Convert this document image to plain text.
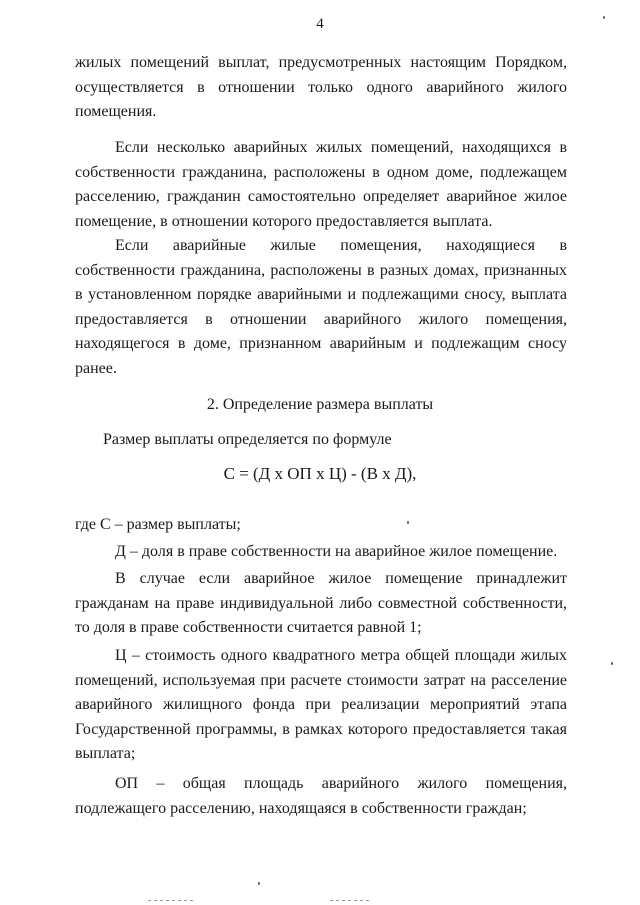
4
жилых помещений выплат, предусмотренных настоящим Порядком, осуществляется в отношении только одного аварийного жилого помещения.
Если несколько аварийных жилых помещений, находящихся в собственности гражданина, расположены в одном доме, подлежащем расселению, гражданин самостоятельно определяет аварийное жилое помещение, в отношении которого предоставляется выплата.
Если аварийные жилые помещения, находящиеся в собственности гражданина, расположены в разных домах, признанных в установленном порядке аварийными и подлежащими сносу, выплата предоставляется в отношении аварийного жилого помещения, находящегося в доме, признанном аварийным и подлежащим сносу ранее.
2. Определение размера выплаты
Размер выплаты определяется по формуле
С = (Д х ОП х Ц) - (В х Д),
где С – размер выплаты;
Д – доля в праве собственности на аварийное жилое помещение.
В случае если аварийное жилое помещение принадлежит гражданам на праве индивидуальной либо совместной собственности, то доля в праве собственности считается равной 1;
Ц – стоимость одного квадратного метра общей площади жилых помещений, используемая при расчете стоимости затрат на расселение аварийного жилищного фонда при реализации мероприятий этапа Государственной программы, в рамках которого предоставляется такая выплата;
ОП – общая площадь аварийного жилого помещения, подлежащего расселению, находящаяся в собственности граждан;
